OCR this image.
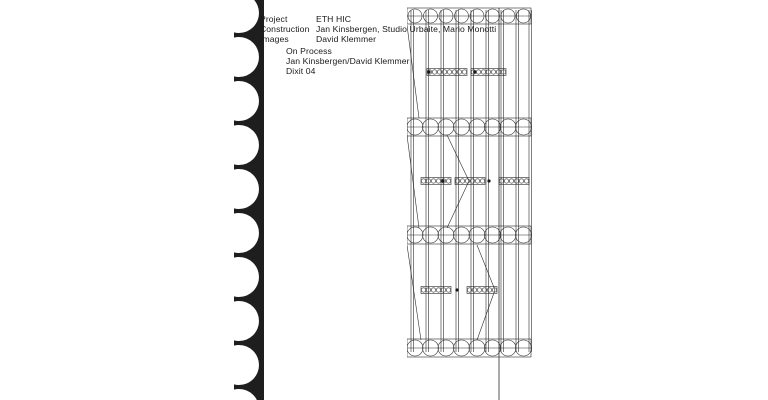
Project
Construction
Images
ETH HIC
Jan Kinsbergen, Studio Urbaite, Mario Monotti
David Klemmer
On Process
Jan Kinsbergen/David Klemmer
Dixit 04
